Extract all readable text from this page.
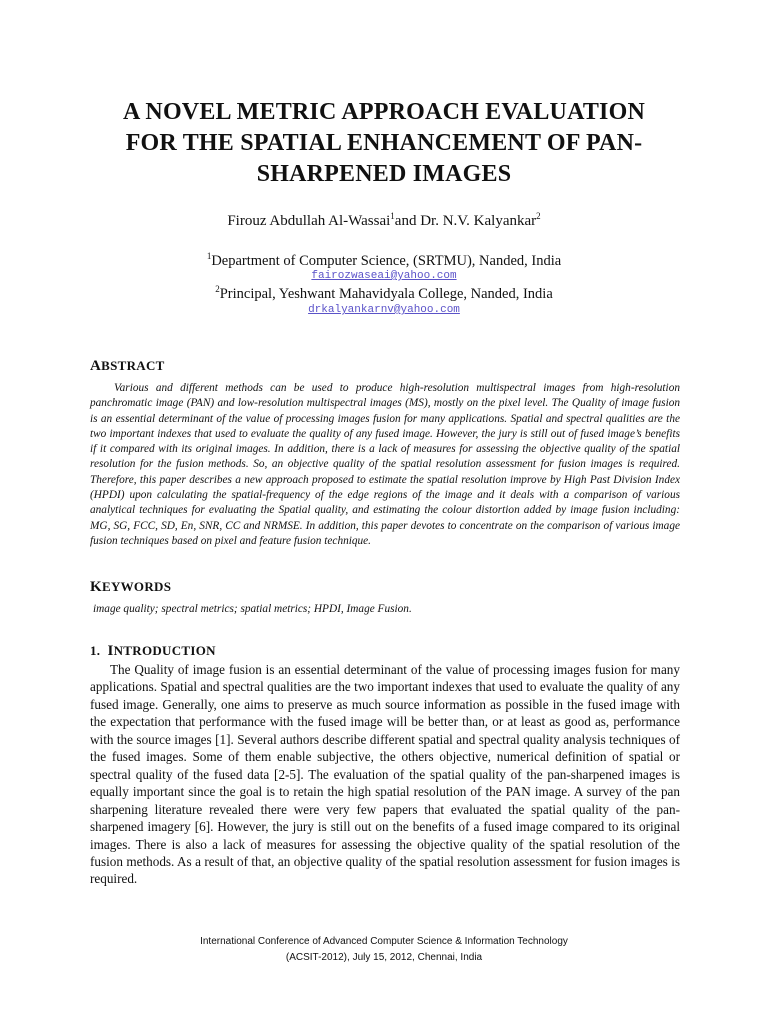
A NOVEL METRIC APPROACH EVALUATION
FOR THE SPATIAL ENHANCEMENT OF PAN-
SHARPENED IMAGES
Firouz Abdullah Al-Wassai$^1$and Dr. N.V. Kalyankar$^2$
$^1$Department of Computer Science, (SRTMU), Nanded, India
fairozwaseai@yahoo.com
$^2$Principal, Yeshwant Mahavidyala College, Nanded, India
drkalyankarnv@yahoo.com
ABSTRACT

Various and different methods can be used to produce high-resolution multispectral images from high-resolution panchromatic image (PAN) and low-resolution multispectral images (MS), mostly on the pixel level. The Quality of image fusion is an essential determinant of the value of processing images fusion for many applications. Spatial and spectral qualities are the two important indexes that used to evaluate the quality of any fused image. However, the jury is still out of fused image’s benefits if it compared with its original images. In addition, there is a lack of measures for assessing the objective quality of the spatial resolution for the fusion methods. So, an objective quality of the spatial resolution assessment for fusion images is required. Therefore, this paper describes a new approach proposed to estimate the spatial resolution improve by High Past Division Index (HPDI) upon calculating the spatial-frequency of the edge regions of the image and it deals with a comparison of various analytical techniques for evaluating the Spatial quality, and estimating the colour distortion added by image fusion including: MG, SG, FCC, SD, En, SNR, CC and NRMSE. In addition, this paper devotes to concentrate on the comparison of various image fusion techniques based on pixel and feature fusion technique.

KEYWORDS
image quality; spectral metrics; spatial metrics; HPDI, Image Fusion.
1. INTRODUCTION

The Quality of image fusion is an essential determinant of the value of processing images fusion for many applications. Spatial and spectral qualities are the two important indexes that used to evaluate the quality of any fused image. Generally, one aims to preserve as much source information as possible in the fused image with the expectation that performance with the fused image will be better than, or at least as good as, performance with the source images [1]. Several authors describe different spatial and spectral quality analysis techniques of the fused images. Some of them enable subjective, the others objective, numerical definition of spatial or spectral quality of the fused data [2-5]. The evaluation of the spatial quality of the pan-sharpened images is equally important since the goal is to retain the high spatial resolution of the PAN image. A survey of the pan sharpening literature revealed there were very few papers that evaluated the spatial quality of the pan-sharpened imagery [6]. However, the jury is still out on the benefits of a fused image compared to its original images. There is also a lack of measures for assessing the objective quality of the spatial resolution of the fusion methods. As a result of that, an objective quality of the spatial resolution assessment for fusion images is required.

International Conference of Advanced Computer Science & Information Technology
(ACSIT-2012), July 15, 2012, Chennai, India
